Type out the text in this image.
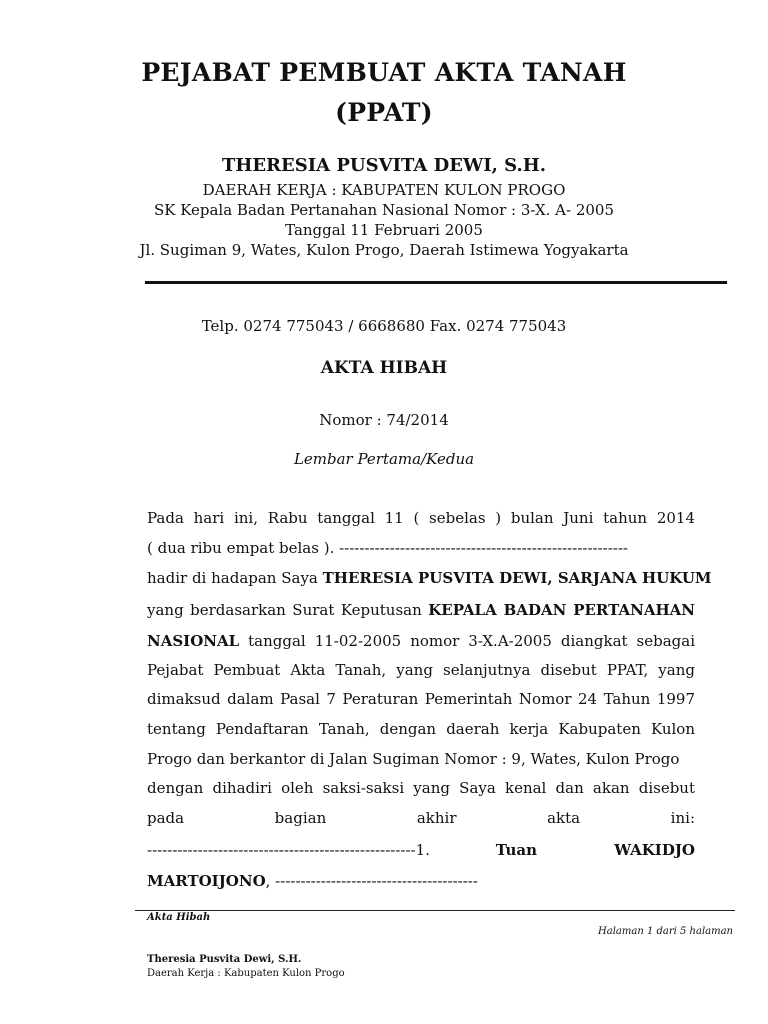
PEJABAT PEMBUAT AKTA TANAH
(PPAT)
THERESIA PUSVITA DEWI, S.H.
DAERAH KERJA : KABUPATEN KULON PROGO
SK Kepala Badan Pertanahan Nasional Nomor : 3-X. A- 2005
Tanggal 11 Februari 2005
Jl. Sugiman 9, Wates, Kulon Progo, Daerah Istimewa Yogyakarta
Telp. 0274 775043 / 6668680 Fax. 0274 775043
AKTA HIBAH
Nomor : 74/2014
Lembar Pertama/Kedua
Pada hari ini, Rabu tanggal 11 ( sebelas ) bulan Juni tahun 2014
( dua ribu empat belas ). ---------------------------------------------------------
hadir di hadapan Saya THERESIA PUSVITA DEWI, SARJANA HUKUM
yang berdasarkan Surat Keputusan KEPALA BADAN PERTANAHAN
NASIONAL tanggal 11-02-2005 nomor 3-X.A-2005 diangkat sebagai
Pejabat Pembuat Akta Tanah, yang selanjutnya disebut PPAT, yang
dimaksud dalam Pasal 7 Peraturan Pemerintah Nomor 24 Tahun 1997
tentang Pendaftaran Tanah, dengan daerah kerja Kabupaten Kulon
Progo dan berkantor di Jalan Sugiman Nomor : 9, Wates, Kulon Progo
dengan dihadiri oleh saksi-saksi yang Saya kenal dan akan disebut
pada bagian akhir akta ini:
-----------------------------------------------------1.	Tuan WAKIDJO
MARTOIJONO, ----------------------------------------
Akta Hibah
Halaman 1 dari 5 halaman
Theresia Pusvita Dewi, S.H.
Daerah Kerja : Kabupaten Kulon Progo
